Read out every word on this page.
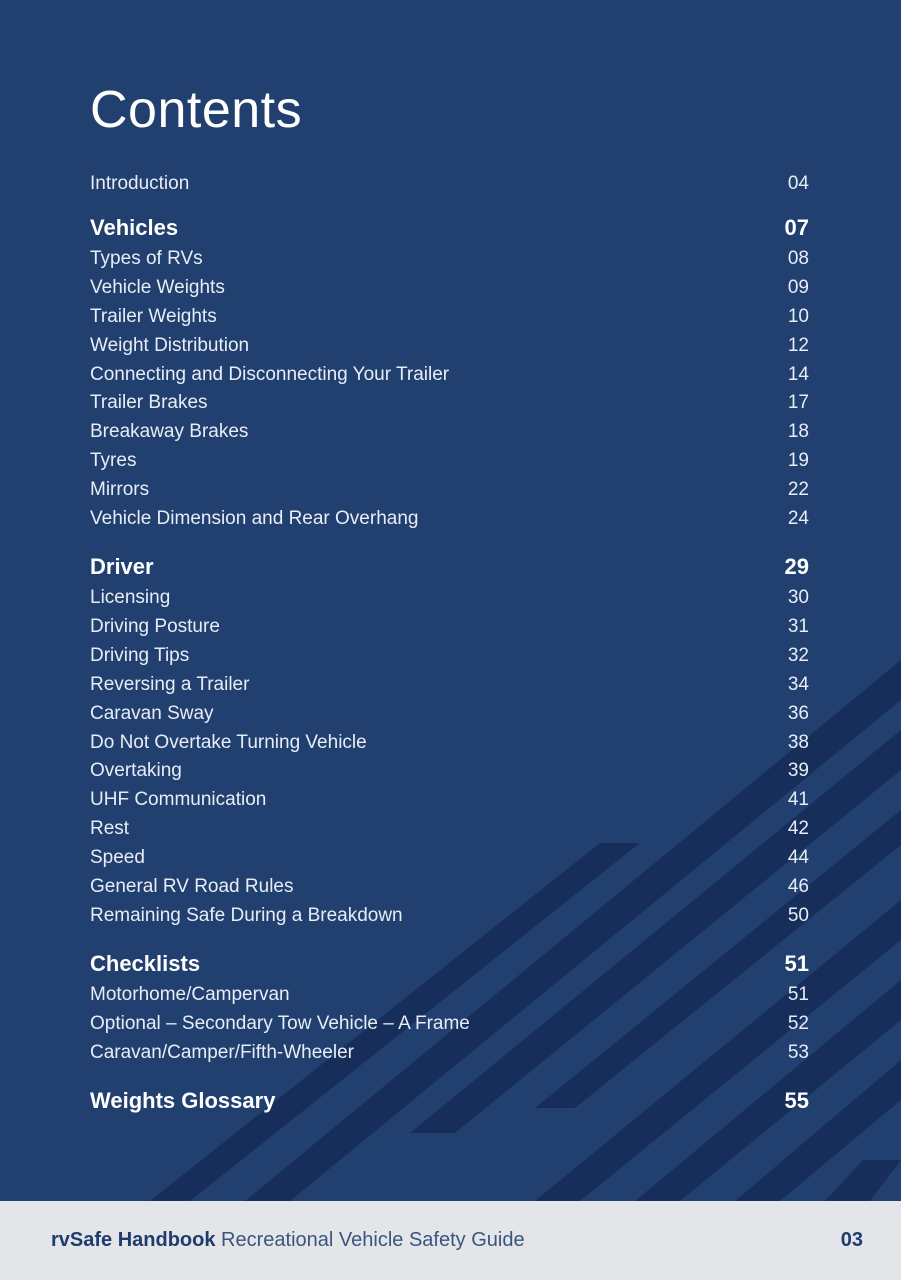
Contents
Introduction	04
Vehicles	07
Types of RVs	08
Vehicle Weights	09
Trailer Weights	10
Weight Distribution	12
Connecting and Disconnecting Your Trailer	14
Trailer Brakes	17
Breakaway Brakes	18
Tyres	19
Mirrors	22
Vehicle Dimension and Rear Overhang	24
Driver	29
Licensing	30
Driving Posture	31
Driving Tips	32
Reversing a Trailer	34
Caravan Sway	36
Do Not Overtake Turning Vehicle	38
Overtaking	39
UHF Communication	41
Rest	42
Speed	44
General RV Road Rules	46
Remaining Safe During a Breakdown	50
Checklists	51
Motorhome/Campervan	51
Optional – Secondary Tow Vehicle – A Frame	52
Caravan/Camper/Fifth-Wheeler	53
Weights Glossary	55
rvSafe Handbook Recreational Vehicle Safety Guide	03
